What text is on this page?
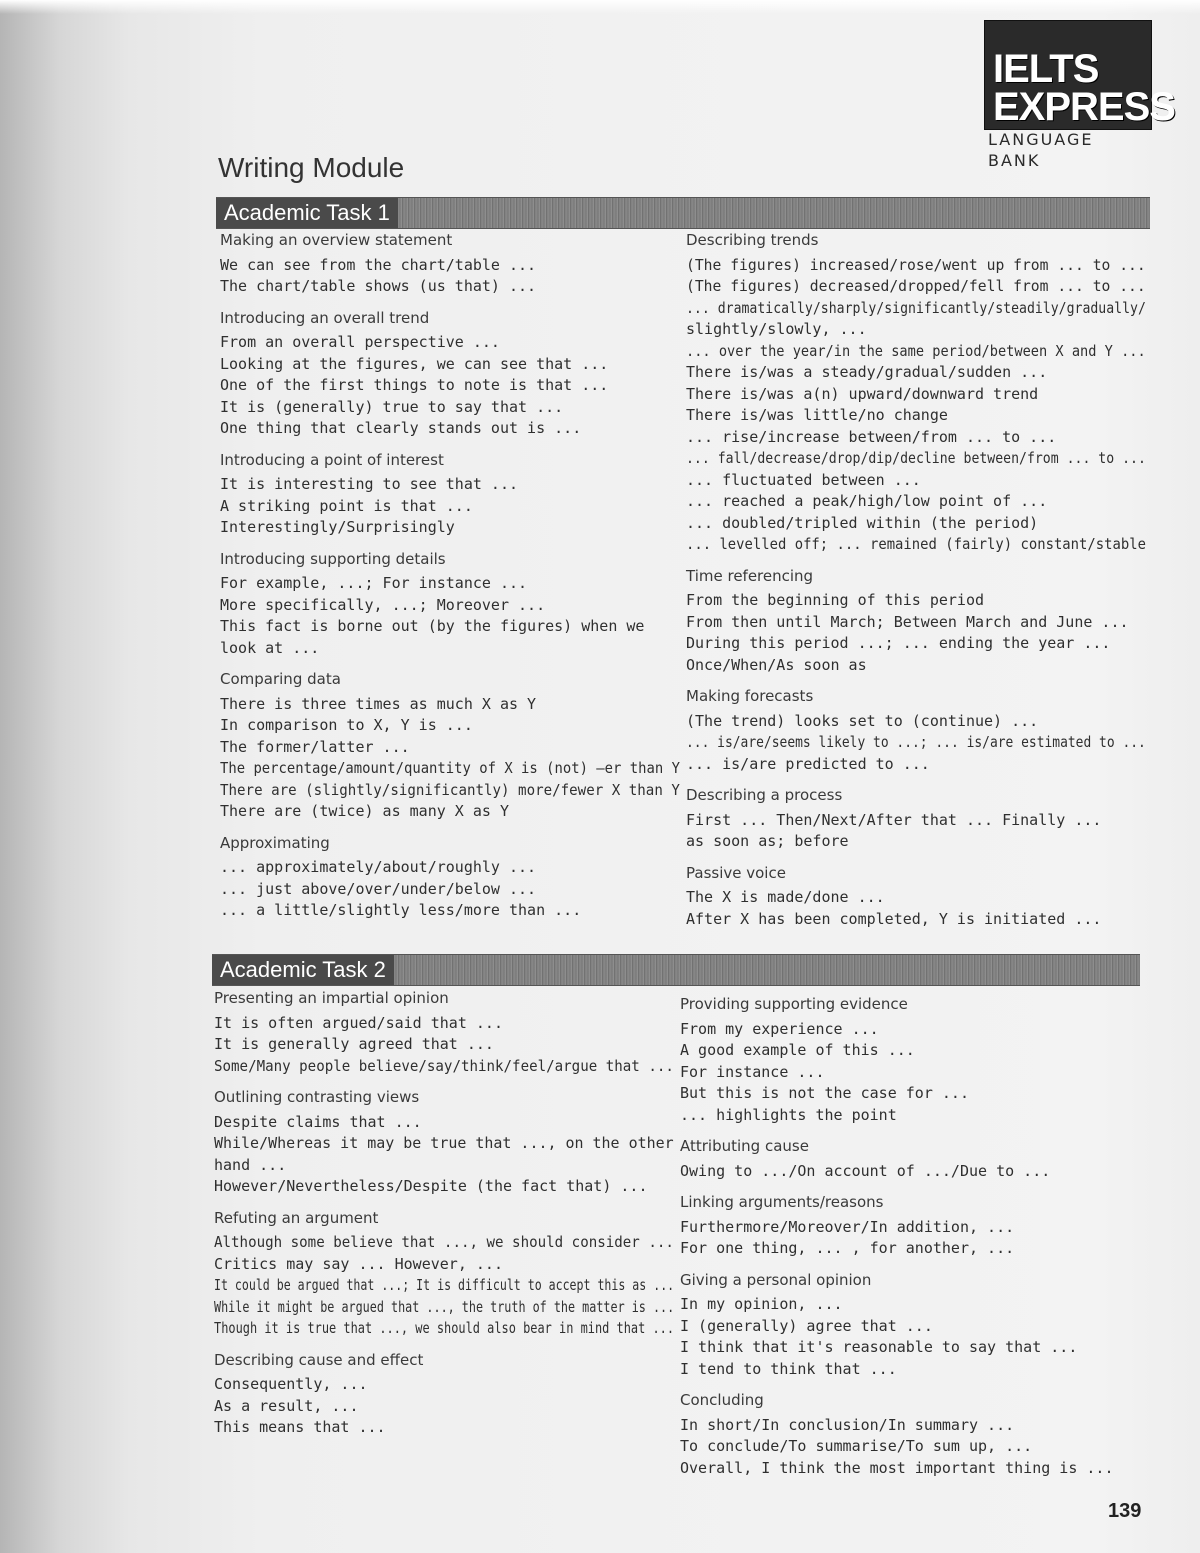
IELTS
EXPRESS
LANGUAGE
BANK
Writing Module
Academic Task 1
Making an overview statement
We can see from the chart/table ...
The chart/table shows (us that) ...
Introducing an overall trend
From an overall perspective ...
Looking at the figures, we can see that ...
One of the first things to note is that ...
It is (generally) true to say that ...
One thing that clearly stands out is ...
Introducing a point of interest
It is interesting to see that ...
A striking point is that ...
Interestingly/Surprisingly
Introducing supporting details
For example, ...; For instance ...
More specifically, ...; Moreover ...
This fact is borne out (by the figures) when we
look at ...
Comparing data
There is three times as much X as Y
In comparison to X, Y is ...
The former/latter ...
The percentage/amount/quantity of X is (not) –er than YThere are (slightly/significantly) more/fewer X than Y
There are (twice) as many X as Y
Approximating
... approximately/about/roughly ...
... just above/over/under/below ...
... a little/slightly less/more than ...
Describing trends
(The figures) increased/rose/went up from ... to ...(The figures) decreased/dropped/fell from ... to ...... dramatically/sharply/significantly/steadily/gradually/
slightly/slowly, ...
... over the year/in the same period/between X and Y ...
There is/was a steady/gradual/sudden ...
There is/was a(n) upward/downward trend
There is/was little/no change
... rise/increase between/from ... to ...
... fall/decrease/drop/dip/decline between/from ... to ...
... fluctuated between ...
... reached a peak/high/low point of ...
... doubled/tripled within (the period)
... levelled off; ... remained (fairly) constant/stable
Time referencing
From the beginning of this period
From then until March; Between March and June ...
During this period ...; ... ending the year ...
Once/When/As soon as
Making forecasts
(The trend) looks set to (continue) ...
... is/are/seems likely to ...; ... is/are estimated to ...
... is/are predicted to ...
Describing a process
First ... Then/Next/After that ... Finally ...
as soon as; before
Passive voice
The X is made/done ...
After X has been completed, Y is initiated ...
Academic Task 2
Presenting an impartial opinion
It is often argued/said that ...
It is generally agreed that ...
Some/Many people believe/say/think/feel/argue that ...
Outlining contrasting views
Despite claims that ...
While/Whereas it may be true that ..., on the other
hand ...
However/Nevertheless/Despite (the fact that) ...
Refuting an argument
Although some believe that ..., we should consider ...
Critics may say ... However, ...
It could be argued that ...; It is difficult to accept this as ...While it might be argued that ..., the truth of the matter is ...Though it is true that ..., we should also bear in mind that ...
Describing cause and effect
Consequently, ...
As a result, ...
This means that ...
Providing supporting evidence
From my experience ...
A good example of this ...
For instance ...
But this is not the case for ...
... highlights the point
Attributing cause
Owing to .../On account of .../Due to ...
Linking arguments/reasons
Furthermore/Moreover/In addition, ...
For one thing, ... , for another, ...
Giving a personal opinion
In my opinion, ...
I (generally) agree that ...
I think that it's reasonable to say that ...
I tend to think that ...
Concluding
In short/In conclusion/In summary ...
To conclude/To summarise/To sum up, ...
Overall, I think the most important thing is ...
139
